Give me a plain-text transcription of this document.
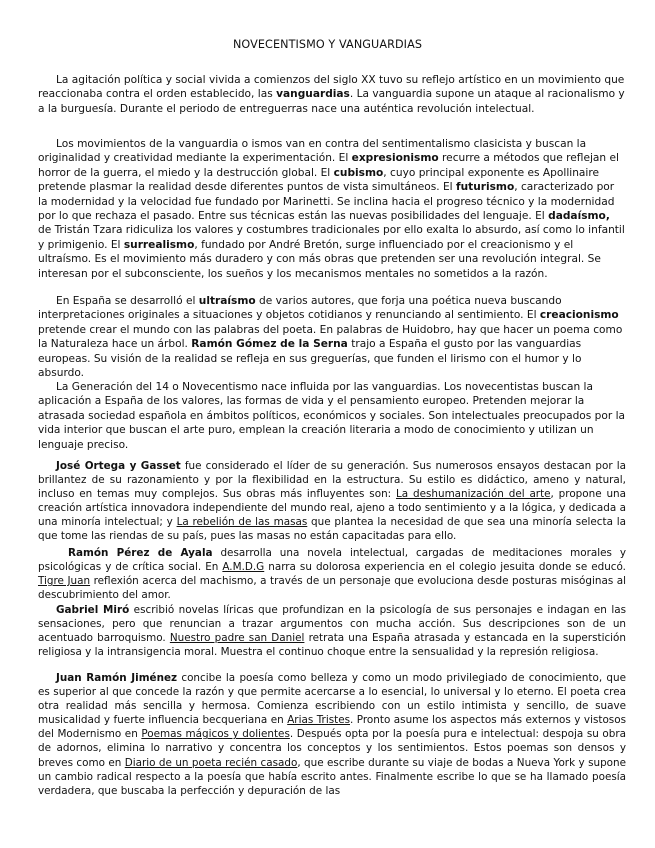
NOVECENTISMO Y VANGUARDIAS
La agitación política y social vivida a comienzos del siglo XX tuvo su reflejo artístico en un movimiento que reaccionaba contra el orden establecido, las vanguardias. La vanguardia supone un ataque al racionalismo y a la burguesía. Durante el periodo de entreguerras nace una auténtica revolución intelectual.
Los movimientos de la vanguardia o ismos van en contra del sentimentalismo clasicista y buscan la originalidad y creatividad mediante la experimentación. El expresionismo recurre a métodos que reflejan el horror de la guerra, el miedo y la destrucción global. El cubismo, cuyo principal exponente es Apollinaire pretende plasmar la realidad desde diferentes puntos de vista simultáneos. El futurismo, caracterizado por la modernidad y la velocidad fue fundado por Marinetti. Se inclina hacia el progreso técnico y la modernidad por lo que rechaza el pasado. Entre sus técnicas están las nuevas posibilidades del lenguaje. El dadaísmo, de Tristán Tzara ridiculiza los valores y costumbres tradicionales por ello exalta lo absurdo, así como lo infantil y primigenio. El surrealismo, fundado por André Bretón, surge influenciado por el creacionismo y el ultraísmo. Es el movimiento más duradero y con más obras que pretenden ser una revolución integral. Se interesan por el subconsciente, los sueños y los mecanismos mentales no sometidos a la razón.
En España se desarrolló el ultraísmo de varios autores, que forja una poética nueva buscando interpretaciones originales a situaciones y objetos cotidianos y renunciando al sentimiento. El creacionismo pretende crear el mundo con las palabras del poeta. En palabras de Huidobro, hay que hacer un poema como la Naturaleza hace un árbol. Ramón Gómez de la Serna trajo a España el gusto por las vanguardias europeas. Su visión de la realidad se refleja en sus greguerías, que funden el lirismo con el humor y lo absurdo.
La Generación del 14 o Novecentismo nace influida por las vanguardias. Los novecentistas buscan la aplicación a España de los valores, las formas de vida y el pensamiento europeo. Pretenden mejorar la atrasada sociedad española en ámbitos políticos, económicos y sociales. Son intelectuales preocupados por la vida interior que buscan el arte puro, emplean la creación literaria a modo de conocimiento y utilizan un lenguaje preciso.
José Ortega y Gasset fue considerado el líder de su generación. Sus numerosos ensayos destacan por la brillantez de su razonamiento y por la flexibilidad en la estructura. Su estilo es didáctico, ameno y natural, incluso en temas muy complejos. Sus obras más influyentes son: La deshumanización del arte, propone una creación artística innovadora independiente del mundo real, ajeno a todo sentimiento y a la lógica, y dedicada a una minoría intelectual; y La rebelión de las masas que plantea la necesidad de que sea una minoría selecta la que tome las riendas de su país, pues las masas no están capacitadas para ello.
Ramón Pérez de Ayala desarrolla una novela intelectual, cargadas de meditaciones morales y psicológicas y de crítica social. En A.M.D.G narra su dolorosa experiencia en el colegio jesuita donde se educó. Tigre Juan reflexión acerca del machismo, a través de un personaje que evoluciona desde posturas misóginas al descubrimiento del amor.
Gabriel Miró escribió novelas líricas que profundizan en la psicología de sus personajes e indagan en las sensaciones, pero que renuncian a trazar argumentos con mucha acción. Sus descripciones son de un acentuado barroquismo. Nuestro padre san Daniel retrata una España atrasada y estancada en la superstición religiosa y la intransigencia moral. Muestra el continuo choque entre la sensualidad y la represión religiosa.
Juan Ramón Jiménez concibe la poesía como belleza y como un modo privilegiado de conocimiento, que es superior al que concede la razón y que permite acercarse a lo esencial, lo universal y lo eterno. El poeta crea otra realidad más sencilla y hermosa. Comienza escribiendo con un estilo intimista y sencillo, de suave musicalidad y fuerte influencia becqueriana en Arias Tristes. Pronto asume los aspectos más externos y vistosos del Modernismo en Poemas mágicos y dolientes. Después opta por la poesía pura e intelectual: despoja su obra de adornos, elimina lo narrativo y concentra los conceptos y los sentimientos. Estos poemas son densos y breves como en Diario de un poeta recién casado, que escribe durante su viaje de bodas a Nueva York y supone un cambio radical respecto a la poesía que había escrito antes. Finalmente escribe lo que se ha llamado poesía verdadera, que buscaba la perfección y depuración de las
